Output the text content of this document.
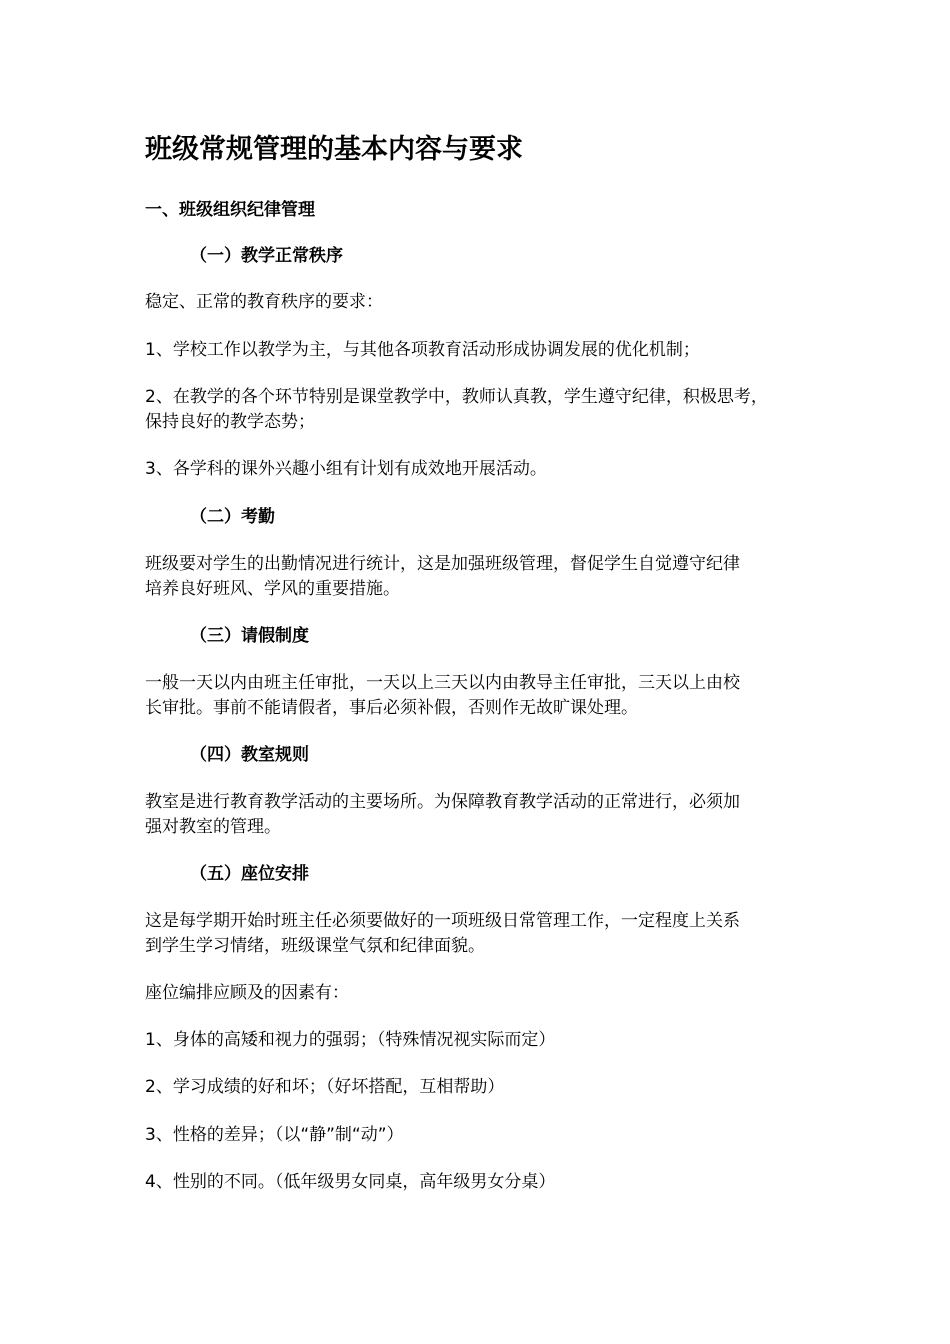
班级常规管理的基本内容与要求
一、班级组织纪律管理
（一）教学正常秩序
稳定、正常的教育秩序的要求：
1、学校工作以教学为主，与其他各项教育活动形成协调发展的优化机制；
2、在教学的各个环节特别是课堂教学中，教师认真教，学生遵守纪律，积极思考，
保持良好的教学态势；
3、各学科的课外兴趣小组有计划有成效地开展活动。
（二）考勤
班级要对学生的出勤情况进行统计，这是加强班级管理，督促学生自觉遵守纪律
培养良好班风、学风的重要措施。
（三）请假制度
一般一天以内由班主任审批，一天以上三天以内由教导主任审批，三天以上由校
长审批。事前不能请假者，事后必须补假，否则作无故旷课处理。
（四）教室规则
教室是进行教育教学活动的主要场所。为保障教育教学活动的正常进行，必须加
强对教室的管理。
（五）座位安排
这是每学期开始时班主任必须要做好的一项班级日常管理工作，一定程度上关系
到学生学习情绪，班级课堂气氛和纪律面貌。
座位编排应顾及的因素有：
1、身体的高矮和视力的强弱；（特殊情况视实际而定）
2、学习成绩的好和坏；（好坏搭配，互相帮助）
3、性格的差异；（以“静”制“动”）
4、性别的不同。（低年级男女同桌，高年级男女分桌）
